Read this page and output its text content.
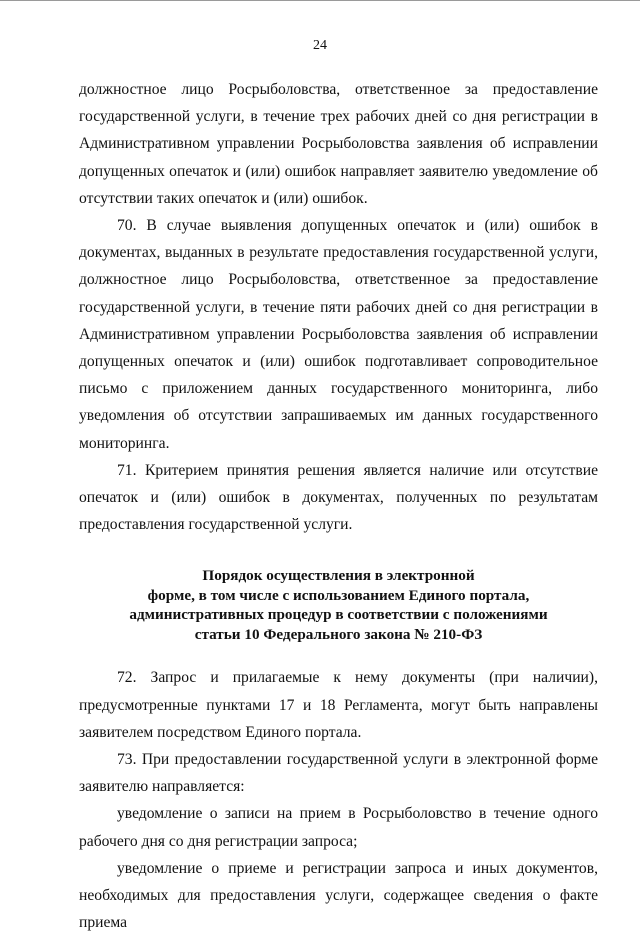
24

должностное лицо Росрыболовства, ответственное за предоставление государственной услуги, в течение трех рабочих дней со дня регистрации в Административном управлении Росрыболовства заявления об исправлении допущенных опечаток и (или) ошибок направляет заявителю уведомление об отсутствии таких опечаток и (или) ошибок.

70. В случае выявления допущенных опечаток и (или) ошибок в документах, выданных в результате предоставления государственной услуги, должностное лицо Росрыболовства, ответственное за предоставление государственной услуги, в течение пяти рабочих дней со дня регистрации в Административном управлении Росрыболовства заявления об исправлении допущенных опечаток и (или) ошибок подготавливает сопроводительное письмо с приложением данных государственного мониторинга, либо уведомления об отсутствии запрашиваемых им данных государственного мониторинга.

71. Критерием принятия решения является наличие или отсутствие опечаток и (или) ошибок в документах, полученных по результатам предоставления государственной услуги.

Порядок осуществления в электронной
форме, в том числе с использованием Единого портала,
административных процедур в соответствии с положениями
статьи 10 Федерального закона № 210-ФЗ

72. Запрос и прилагаемые к нему документы (при наличии), предусмотренные пунктами 17 и 18 Регламента, могут быть направлены заявителем посредством Единого портала.

73. При предоставлении государственной услуги в электронной форме заявителю направляется:

уведомление о записи на прием в Росрыболовство в течение одного рабочего дня со дня регистрации запроса;

уведомление о приеме и регистрации запроса и иных документов, необходимых для предоставления услуги, содержащее сведения о факте приема
